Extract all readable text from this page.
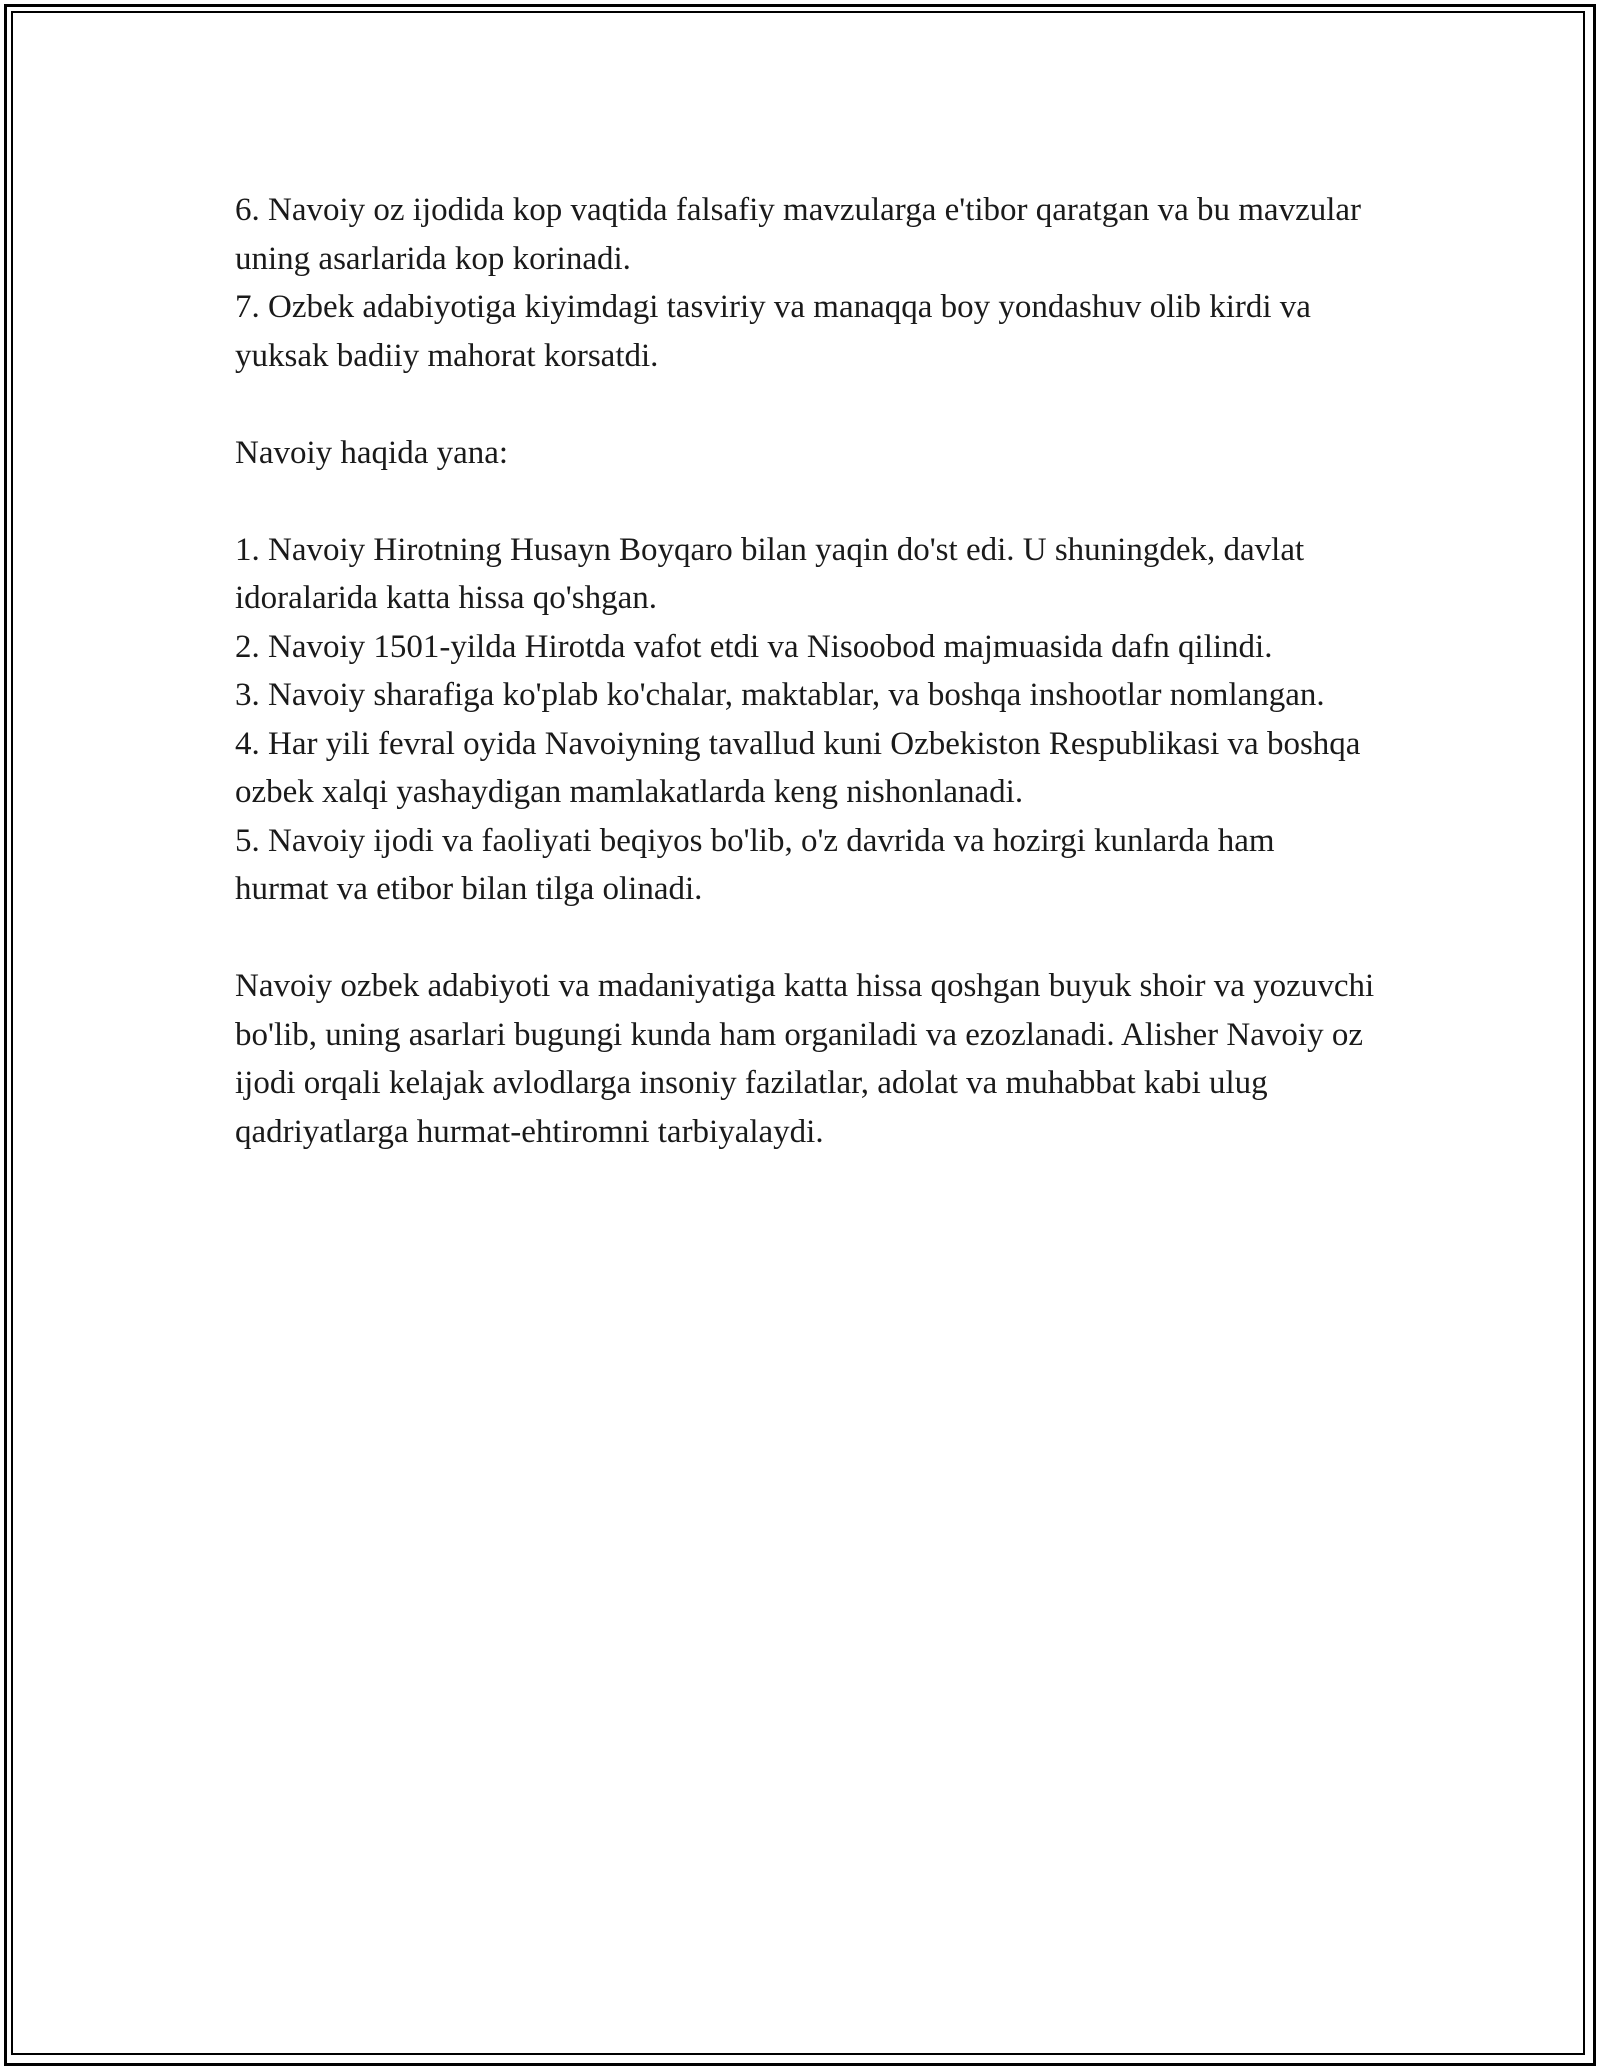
6. Navoiy oz ijodida kop vaqtida falsafiy mavzularga e'tibor qaratgan va bu mavzular uning asarlarida kop korinadi.

7. Ozbek adabiyotiga kiyimdagi tasviriy va manaqqa boy yondashuv olib kirdi va yuksak badiiy mahorat korsatdi.

Navoiy haqida yana:

1. Navoiy Hirotning Husayn Boyqaro bilan yaqin do'st edi. U shuningdek, davlat idoralarida katta hissa qo'shgan.

2. Navoiy 1501-yilda Hirotda vafot etdi va Nisoobod majmuasida dafn qilindi.

3. Navoiy sharafiga ko'plab ko'chalar, maktablar, va boshqa inshootlar nomlangan.

4. Har yili fevral oyida Navoiyning tavallud kuni Ozbekiston Respublikasi va boshqa ozbek xalqi yashaydigan mamlakatlarda keng nishonlanadi.

5. Navoiy ijodi va faoliyati beqiyos bo'lib, o'z davrida va hozirgi kunlarda ham hurmat va etibor bilan tilga olinadi.

Navoiy ozbek adabiyoti va madaniyatiga katta hissa qoshgan buyuk shoir va yozuvchi bo'lib, uning asarlari bugungi kunda ham organiladi va ezozlanadi. Alisher Navoiy oz ijodi orqali kelajak avlodlarga insoniy fazilatlar, adolat va muhabbat kabi ulug qadriyatlarga hurmat-ehtiromni tarbiyalaydi.
